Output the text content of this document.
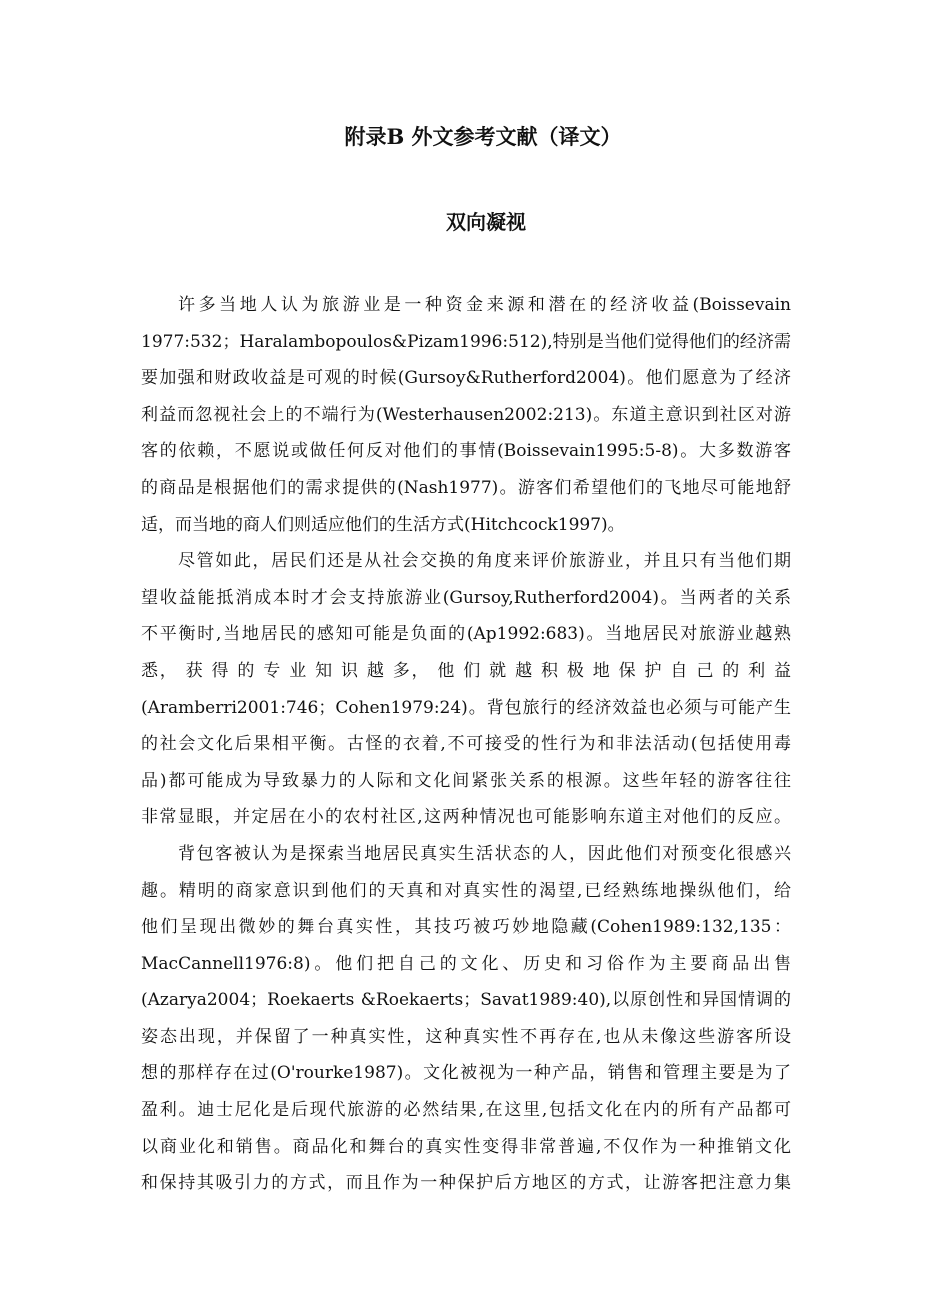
附录B 外文参考文献（译文）
双向凝视
许多当地人认为旅游业是一种资金来源和潜在的经济收益(Boissevain
1977:532；Haralambopoulos&Pizam1996:512),特别是当他们觉得他们的经济需
要加强和财政收益是可观的时候(Gursoy&Rutherford2004)。他们愿意为了经济
利益而忽视社会上的不端行为(Westerhausen2002:213)。东道主意识到社区对游
客的依赖，不愿说或做任何反对他们的事情(Boissevain1995:5-8)。大多数游客
的商品是根据他们的需求提供的(Nash1977)。游客们希望他们的飞地尽可能地舒
适，而当地的商人们则适应他们的生活方式(Hitchcock1997)。
尽管如此，居民们还是从社会交换的角度来评价旅游业，并且只有当他们期
望收益能抵消成本时才会支持旅游业(Gursoy,Rutherford2004)。当两者的关系
不平衡时,当地居民的感知可能是负面的(Ap1992:683)。当地居民对旅游业越熟
悉， 获 得 的 专 业 知 识 越 多， 他 们 就 越 积 极 地 保 护 自 己 的 利 益
(Aramberri2001:746；Cohen1979:24)。背包旅行的经济效益也必须与可能产生
的社会文化后果相平衡。古怪的衣着,不可接受的性行为和非法活动(包括使用毒
品)都可能成为导致暴力的人际和文化间紧张关系的根源。这些年轻的游客往往
非常显眼，并定居在小的农村社区,这两种情况也可能影响东道主对他们的反应。
背包客被认为是探索当地居民真实生活状态的人，因此他们对预变化很感兴
趣。精明的商家意识到他们的天真和对真实性的渴望,已经熟练地操纵他们，给
他们呈现出微妙的舞台真实性，其技巧被巧妙地隐藏(Cohen1989:132,135：
MacCannell1976:8)。他们把自己的文化、历史和习俗作为主要商品出售
(Azarya2004；Roekaerts &Roekaerts；Savat1989:40),以原创性和异国情调的
姿态出现，并保留了一种真实性，这种真实性不再存在,也从未像这些游客所设
想的那样存在过(O'rourke1987)。文化被视为一种产品，销售和管理主要是为了
盈利。迪士尼化是后现代旅游的必然结果,在这里,包括文化在内的所有产品都可
以商业化和销售。商品化和舞台的真实性变得非常普遍,不仅作为一种推销文化
和保持其吸引力的方式，而且作为一种保护后方地区的方式，让游客把注意力集
